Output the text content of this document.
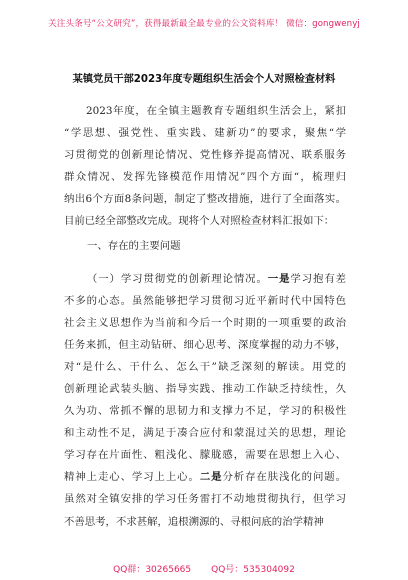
关注头条号“公文研究”，获得最新最全最专业的公文资料库！ 微信：gongwenyj
某镇党员干部2023年度专题组织生活会个人对照检查材料
2023年度，在全镇主题教育专题组织生活会上，紧扣
“学思想、强党性、重实践、建新功”的要求，聚焦“学
习贯彻党的创新理论情况、党性修养提高情况、联系服务
群众情况、发挥先锋模范作用情况”四个方面“，梳理归
纳出6个方面8条问题，制定了整改措施，进行了全面落实。
目前已经全部整改完成。现将个人对照检查材料汇报如下：
一、存在的主要问题
（一）学习贯彻党的创新理论情况。一是学习抱有差
不多的心态。虽然能够把学习贯彻习近平新时代中国特色
社会主义思想作为当前和今后一个时期的一项重要的政治
任务来抓，但主动钻研、细心思考、深度掌握的动力不够，
对“是什么、干什么、怎么干”缺乏深刻的解读。用党的
创新理论武装头脑、指导实践、推动工作缺乏持续性，久
久为功、常抓不懈的思韧力和支撑力不足，学习的积极性
和主动性不足，满足于凑合应付和蒙混过关的思想，理论
学习存在片面性、粗浅化、朦胧感，需要在思想上入心、
精神上走心、学习上上心。二是分析存在肤浅化的问题。
虽然对全镇安排的学习任务雷打不动地贯彻执行，但学习
不善思考，不求甚解，追根溯源的、寻根问底的治学精神
QQ群：30265665 QQ号：535304092
